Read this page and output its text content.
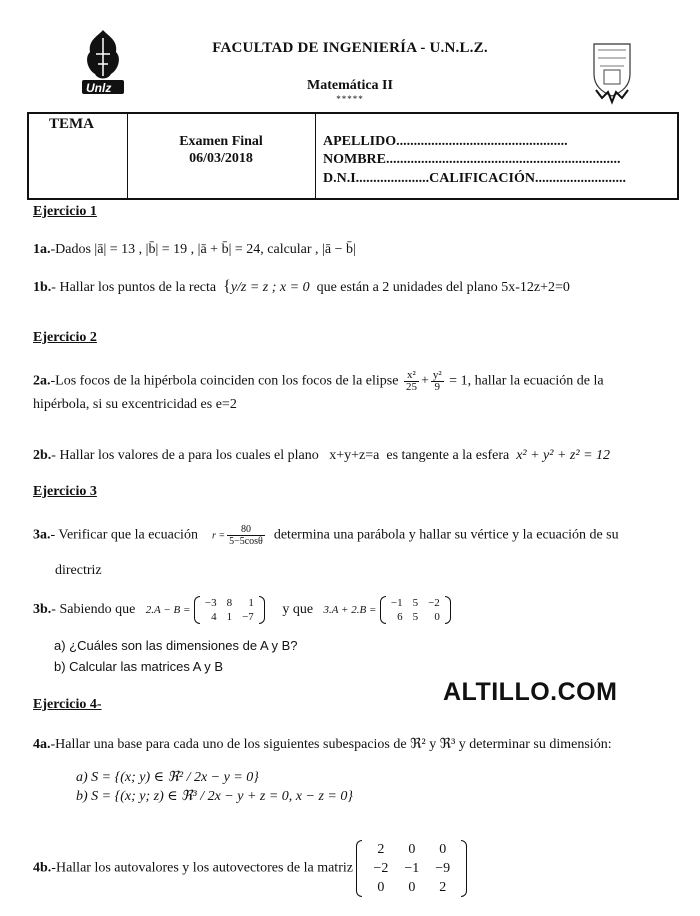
Unlz
FACULTAD DE INGENIERÍA - U.N.L.Z.
Matemática II
*****
TEMA
Examen Final
06/03/2018
APELLIDO.................................................
NOMBRE...................................................................
D.N.I.....................CALIFICACIÓN..........................
Ejercicio 1
1a.-Dados |ā| = 13 , |b̄| = 19 , |ā + b̄| = 24, calcular , |ā − b̄|
1b.- Hallar los puntos de la recta {y/z = z ; x = 0 que están a 2 unidades del plano 5x-12z+2=0
Ejercicio 2
2a.-Los focos de la hipérbola coinciden con los focos de la elipse $\frac{\text{x²}}{25} + \frac{\text{y²}}{9} = 1$, hallar la ecuación de la
hipérbola, si su excentricidad es e=2
2b.- Hallar los valores de a para los cuales el plano x+y+z=a es tangente a la esfera x² + y² + z² = 12
Ejercicio 3
3a.- Verificar que la ecuación $r = \frac{80}{5-5\cos\theta}$ determina una parábola y hallar su vértice y la ecuación de su
directriz
3b.- Sabiendo que 2.A − B =
−3	8	1
4	1	−7 y que 3.A + 2.B =
−1	5	−2
6	5	0
a) ¿Cuáles son las dimensiones de A y B?
b) Calcular las matrices A y B
ALTILLO.COM
Ejercicio 4-
4a.-Hallar una base para cada uno de los siguientes subespacios de ℜ² y ℜ³ y determinar su dimensión:
a) S = {(x; y) ∈ ℜ² / 2x − y = 0}
b) S = {(x; y; z) ∈ ℜ³ / 2x − y + z = 0, x − z = 0}
4b.-Hallar los autovalores y los autovectores de la matriz
2	0	0
−2	−1	−9
0	0	2
